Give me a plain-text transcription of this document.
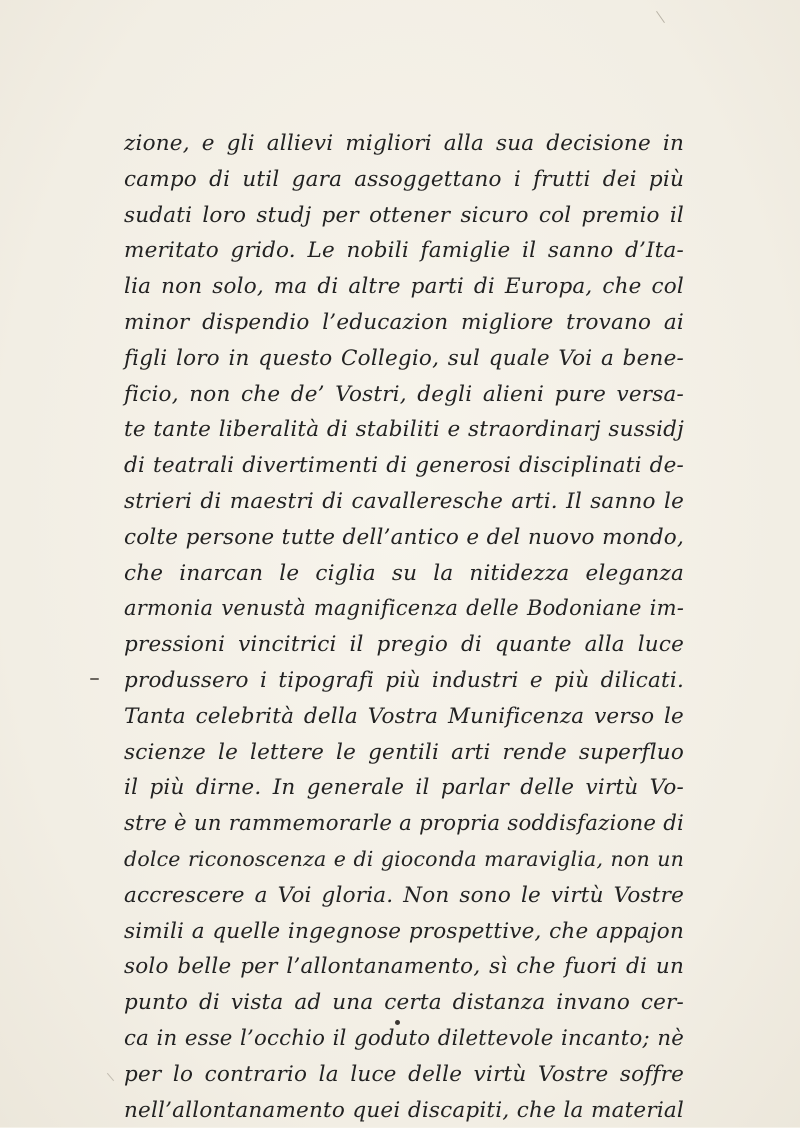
zione, e gli allievi migliori alla sua decisione in
campo di util gara assoggettano i frutti dei più
sudati loro studj per ottener sicuro col premio il
meritato grido. Le nobili famiglie il sanno d’Ita-
lia non solo, ma di altre parti di Europa, che col
minor dispendio l’educazion migliore trovano ai
figli loro in questo Collegio, sul quale Voi a bene-
ficio, non che de’ Vostri, degli alieni pure versa-
te tante liberalità di stabiliti e straordinarj sussidj
di teatrali divertimenti di generosi disciplinati de-
strieri di maestri di cavalleresche arti. Il sanno le
colte persone tutte dell’antico e del nuovo mondo,
che inarcan le ciglia su la nitidezza eleganza
armonia venustà magnificenza delle Bodoniane im-
pressioni vincitrici il pregio di quante alla luce
produssero i tipografi più industri e più dilicati.
Tanta celebrità della Vostra Munificenza verso le
scienze le lettere le gentili arti rende superfluo
il più dirne. In generale il parlar delle virtù Vo-
stre è un rammemorarle a propria soddisfazione di
dolce riconoscenza e di gioconda maraviglia, non un
accrescere a Voi gloria. Non sono le virtù Vostre
simili a quelle ingegnose prospettive, che appajon
solo belle per l’allontanamento, sì che fuori di un
punto di vista ad una certa distanza invano cer-
ca in esse l’occhio il goduto dilettevole incanto; nè
per lo contrario la luce delle virtù Vostre soffre
nell’allontanamento quei discapiti, che la material
